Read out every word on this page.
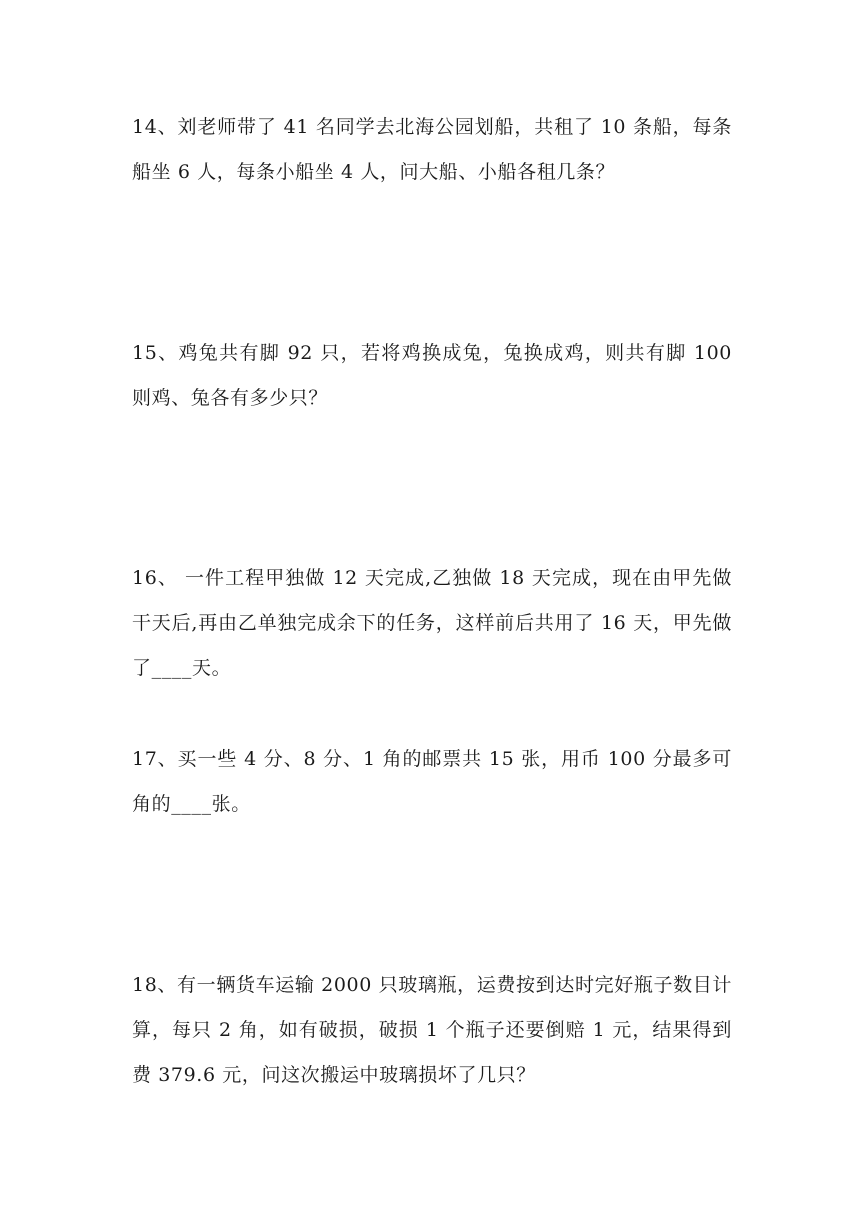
14、刘老师带了 41 名同学去北海公园划船，共租了 10 条船，每条
船坐 6 人，每条小船坐 4 人，问大船、小船各租几条？
15、鸡兔共有脚 92 只，若将鸡换成兔，兔换成鸡，则共有脚 100
则鸡、兔各有多少只？
16、 一件工程甲独做 12 天完成,乙独做 18 天完成，现在由甲先做
干天后,再由乙单独完成余下的任务，这样前后共用了 16 天，甲先做
了____天。
17、买一些 4 分、8 分、1 角的邮票共 15 张，用币 100 分最多可
角的____张。
18、有一辆货车运输 2000 只玻璃瓶，运费按到达时完好瓶子数目计
算，每只 2 角，如有破损，破损 1 个瓶子还要倒赔 1 元，结果得到
费 379.6 元，问这次搬运中玻璃损坏了几只？
